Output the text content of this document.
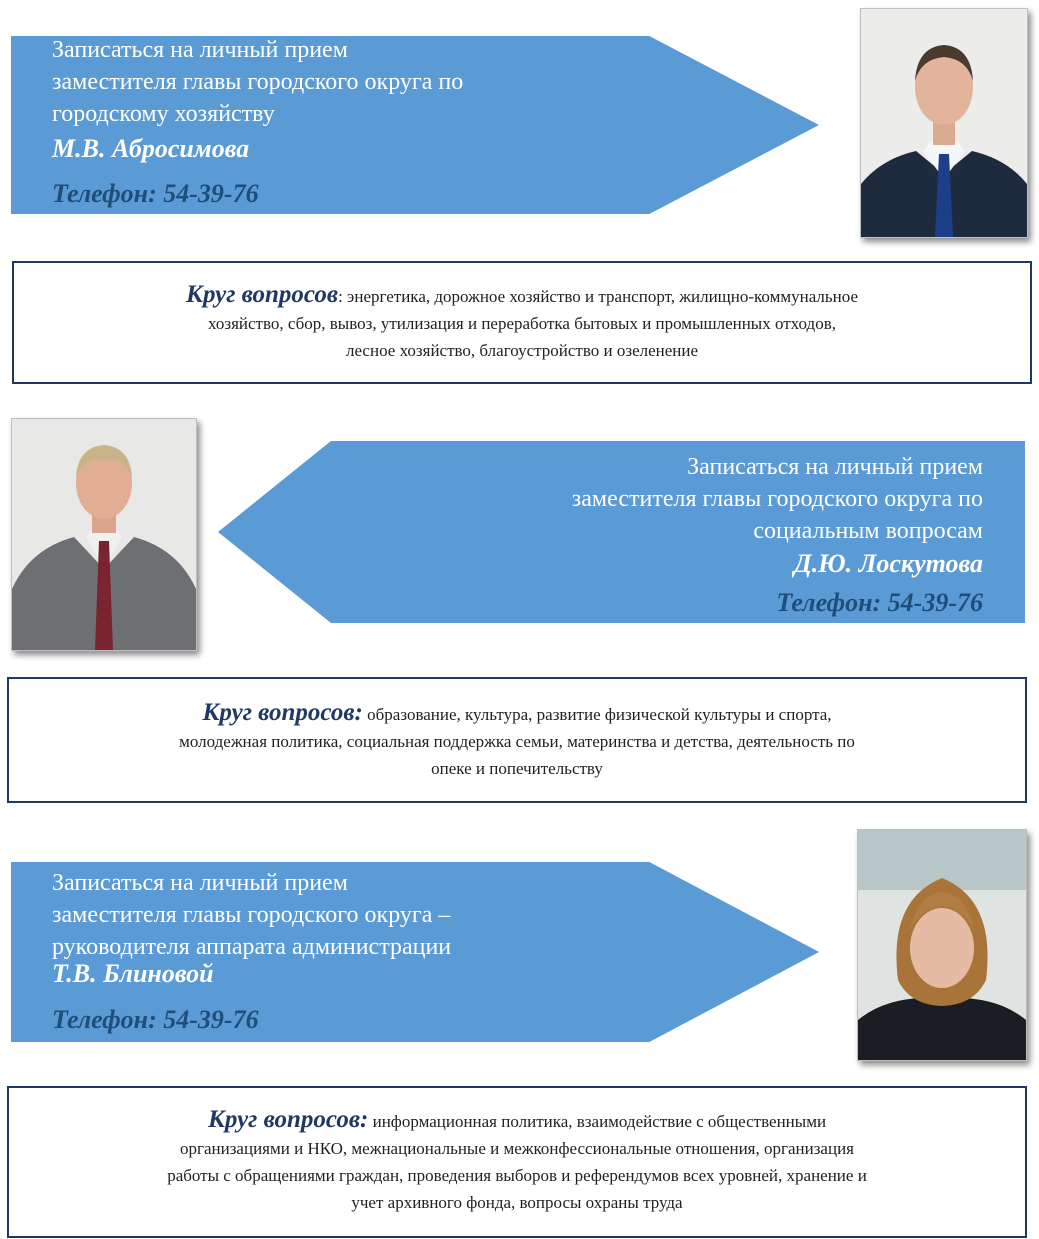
Записаться на личный прием
заместителя главы городского округа по
городскому хозяйству
М.В. Абросимова
Телефон: 54-39-76
Круг вопросов: энергетика, дорожное хозяйство и транспорт, жилищно-коммунальное
хозяйство, сбор, вывоз, утилизация и переработка бытовых и промышленных отходов,
лесное хозяйство, благоустройство и озеленение
Записаться на личный прием
заместителя главы городского округа по
социальным вопросам
Д.Ю. Лоскутова
Телефон: 54-39-76
Круг вопросов: образование, культура, развитие физической культуры и спорта,
молодежная политика, социальная поддержка семьи, материнства и детства, деятельность по
опеке и попечительству
Записаться на личный прием
заместителя главы городского округа –
руководителя аппарата администрации
Т.В. Блиновой
Телефон: 54-39-76
Круг вопросов: информационная политика, взаимодействие с общественными
организациями и НКО, межнациональные и межконфессиональные отношения, организация
работы с обращениями граждан, проведения выборов и референдумов всех уровней, хранение и
учет архивного фонда, вопросы охраны труда
